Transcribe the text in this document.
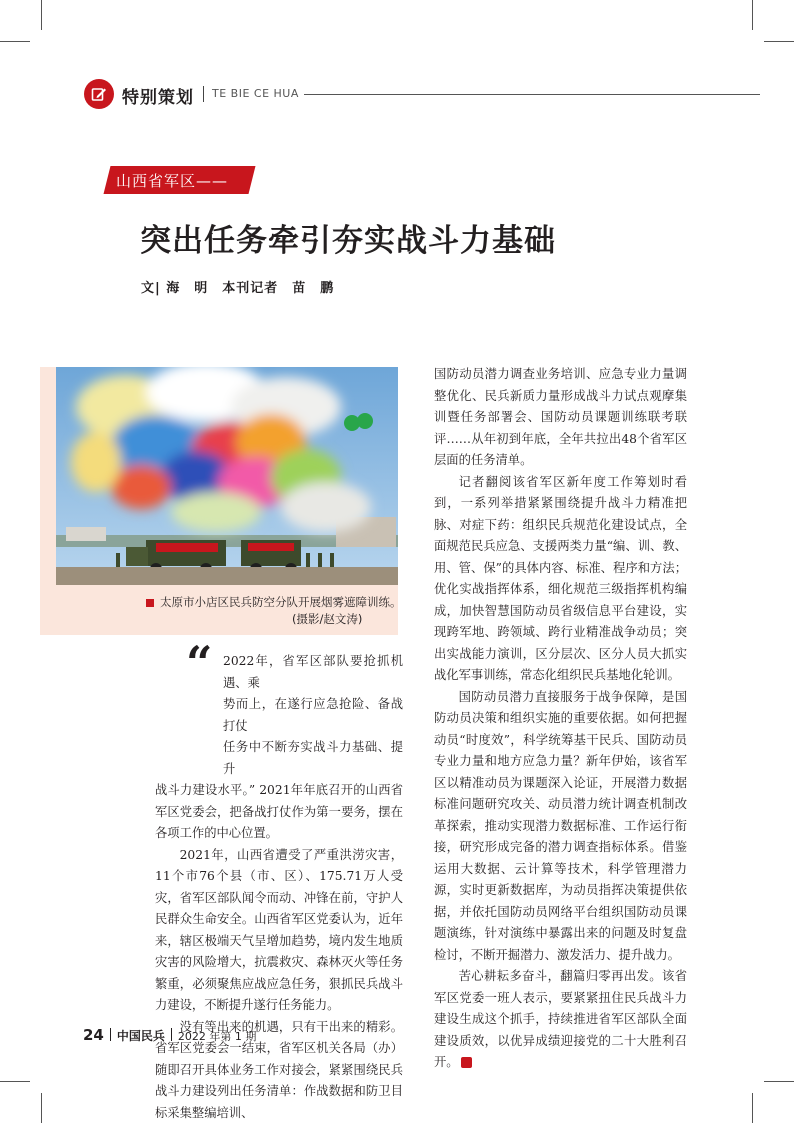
特别策划 TE BIE CE HUA
山西省军区——
突出任务牵引夯实战斗力基础
文| 海　明　本刊记者　苗　鹏
太原市小店区民兵防空分队开展烟雾遮障训练。
(摄影/赵文涛)
“ 2022年，省军区部队要抢抓机遇、乘
势而上，在遂行应急抢险、备战打仗
任务中不断夯实战斗力基础、提升
战斗力建设水平。” 2021年年底召开的山西省军区党委会，把备战打仗作为第一要务，摆在各项工作的中心位置。

2021年，山西省遭受了严重洪涝灾害，11个市76个县（市、区）、175.71万人受灾，省军区部队闻令而动、冲锋在前，守护人民群众生命安全。山西省军区党委认为，近年来，辖区极端天气呈增加趋势，境内发生地质灾害的风险增大，抗震救灾、森林灭火等任务繁重，必须聚焦应战应急任务，狠抓民兵战斗力建设，不断提升遂行任务能力。

没有等出来的机遇，只有干出来的精彩。省军区党委会一结束，省军区机关各局（办）随即召开具体业务工作对接会，紧紧围绕民兵战斗力建设列出任务清单：作战数据和防卫目标采集整编培训、

国防动员潜力调查业务培训、应急专业力量调整优化、民兵新质力量形成战斗力试点观摩集训暨任务部署会、国防动员课题训练联考联评……从年初到年底，全年共拉出48个省军区层面的任务清单。

记者翻阅该省军区新年度工作筹划时看到，一系列举措紧紧围绕提升战斗力精准把脉、对症下药：组织民兵规范化建设试点，全面规范民兵应急、支援两类力量“编、训、教、用、管、保”的具体内容、标准、程序和方法；优化实战指挥体系，细化规范三级指挥机构编成，加快智慧国防动员省级信息平台建设，实现跨军地、跨领域、跨行业精准战争动员；突出实战能力演训，区分层次、区分人员大抓实战化军事训练，常态化组织民兵基地化轮训。

国防动员潜力直接服务于战争保障，是国防动员决策和组织实施的重要依据。如何把握动员“时度效”，科学统筹基干民兵、国防动员专业力量和地方应急力量？新年伊始，该省军区以精准动员为课题深入论证，开展潜力数据标准问题研究攻关、动员潜力统计调查机制改革探索，推动实现潜力数据标准、工作运行衔接，研究形成完备的潜力调查指标体系。借鉴运用大数据、云计算等技术，科学管理潜力源，实时更新数据库，为动员指挥决策提供依据，并依托国防动员网络平台组织国防动员课题演练，针对演练中暴露出来的问题及时复盘检讨，不断开掘潜力、激发活力、提升战力。

苦心耕耘多奋斗，翻篇归零再出发。该省军区党委一班人表示，要紧紧扭住民兵战斗力建设生成这个抓手，持续推进省军区部队全面建设质效，以优异成绩迎接党的二十大胜利召开。	军

24 中国民兵 2022 年第 1 期
